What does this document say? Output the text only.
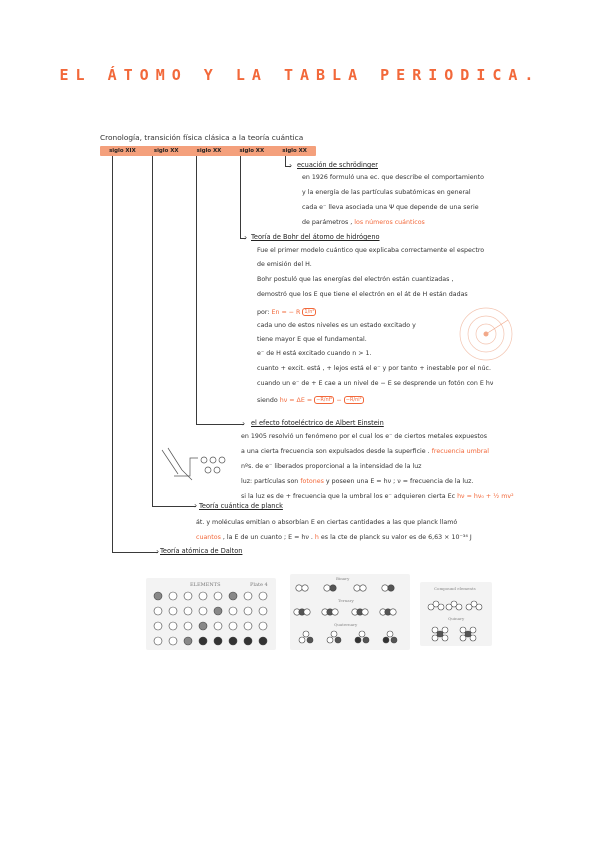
EL ÁTOMO Y LA TABLA PERIODICA.
Cronología, transición física clásica a la teoría cuántica
siglo XIX	siglo XX	siglo XX	siglo XX	siglo XX
›
›
›
›
›
ecuación de schrödinger
en 1926 formuló una ec. que describe el comportamiento
y la energía de las partículas subatómicas en general
cada e⁻ lleva asociada una Ψ que depende de una serie
de parámetros , los números cuánticos
Teoría de Bohr del átomo de hidrógeno
Fue el primer modelo cuántico que explicaba correctamente el espectro
de emisión del H.
Bohr postuló que las energías del electrón están cuantizadas ,
demostró que los E que tiene el electrón en el át de H están dadas
por: En = − R 1/n²
cada uno de estos niveles es un estado excitado y
tiene mayor E que el fundamental.
e⁻ de H está excitado cuando n > 1.
cuanto + excit. está , + lejos está el e⁻ y por tanto + inestable por el núc.
cuando un e⁻ de + E cae a un nivel de − E se desprende un fotón con E hν
siendo hν = ΔE = −R/nf² − −R/ni²
el efecto fotoeléctrico de Albert Einstein
en 1905 resolvió un fenómeno por el cual los e⁻ de ciertos metales expuestos
a una cierta frecuencia son expulsados desde la superficie . frecuencia umbral
nºs. de e⁻ liberados proporcional a la intensidad de la luz
luz: partículas son fotones y poseen una E = hν ; ν = frecuencia de la luz.
si la luz es de + frecuencia que la umbral los e⁻ adquieren cierta Ec hν = hν₀ + ½ mv²
Teoría cuántica de planck
át. y moléculas emitían o absorbían E en ciertas cantidades a las que planck llamó
cuantos , la E de un cuanto ; E = hν . h es la cte de planck su valor es de 6,63 × 10⁻³⁴ J
Teoría atómica de Dalton
ELEMENTS	Plate 4
Binary
Ternary
Quaternary
Compound elements
Quinary
